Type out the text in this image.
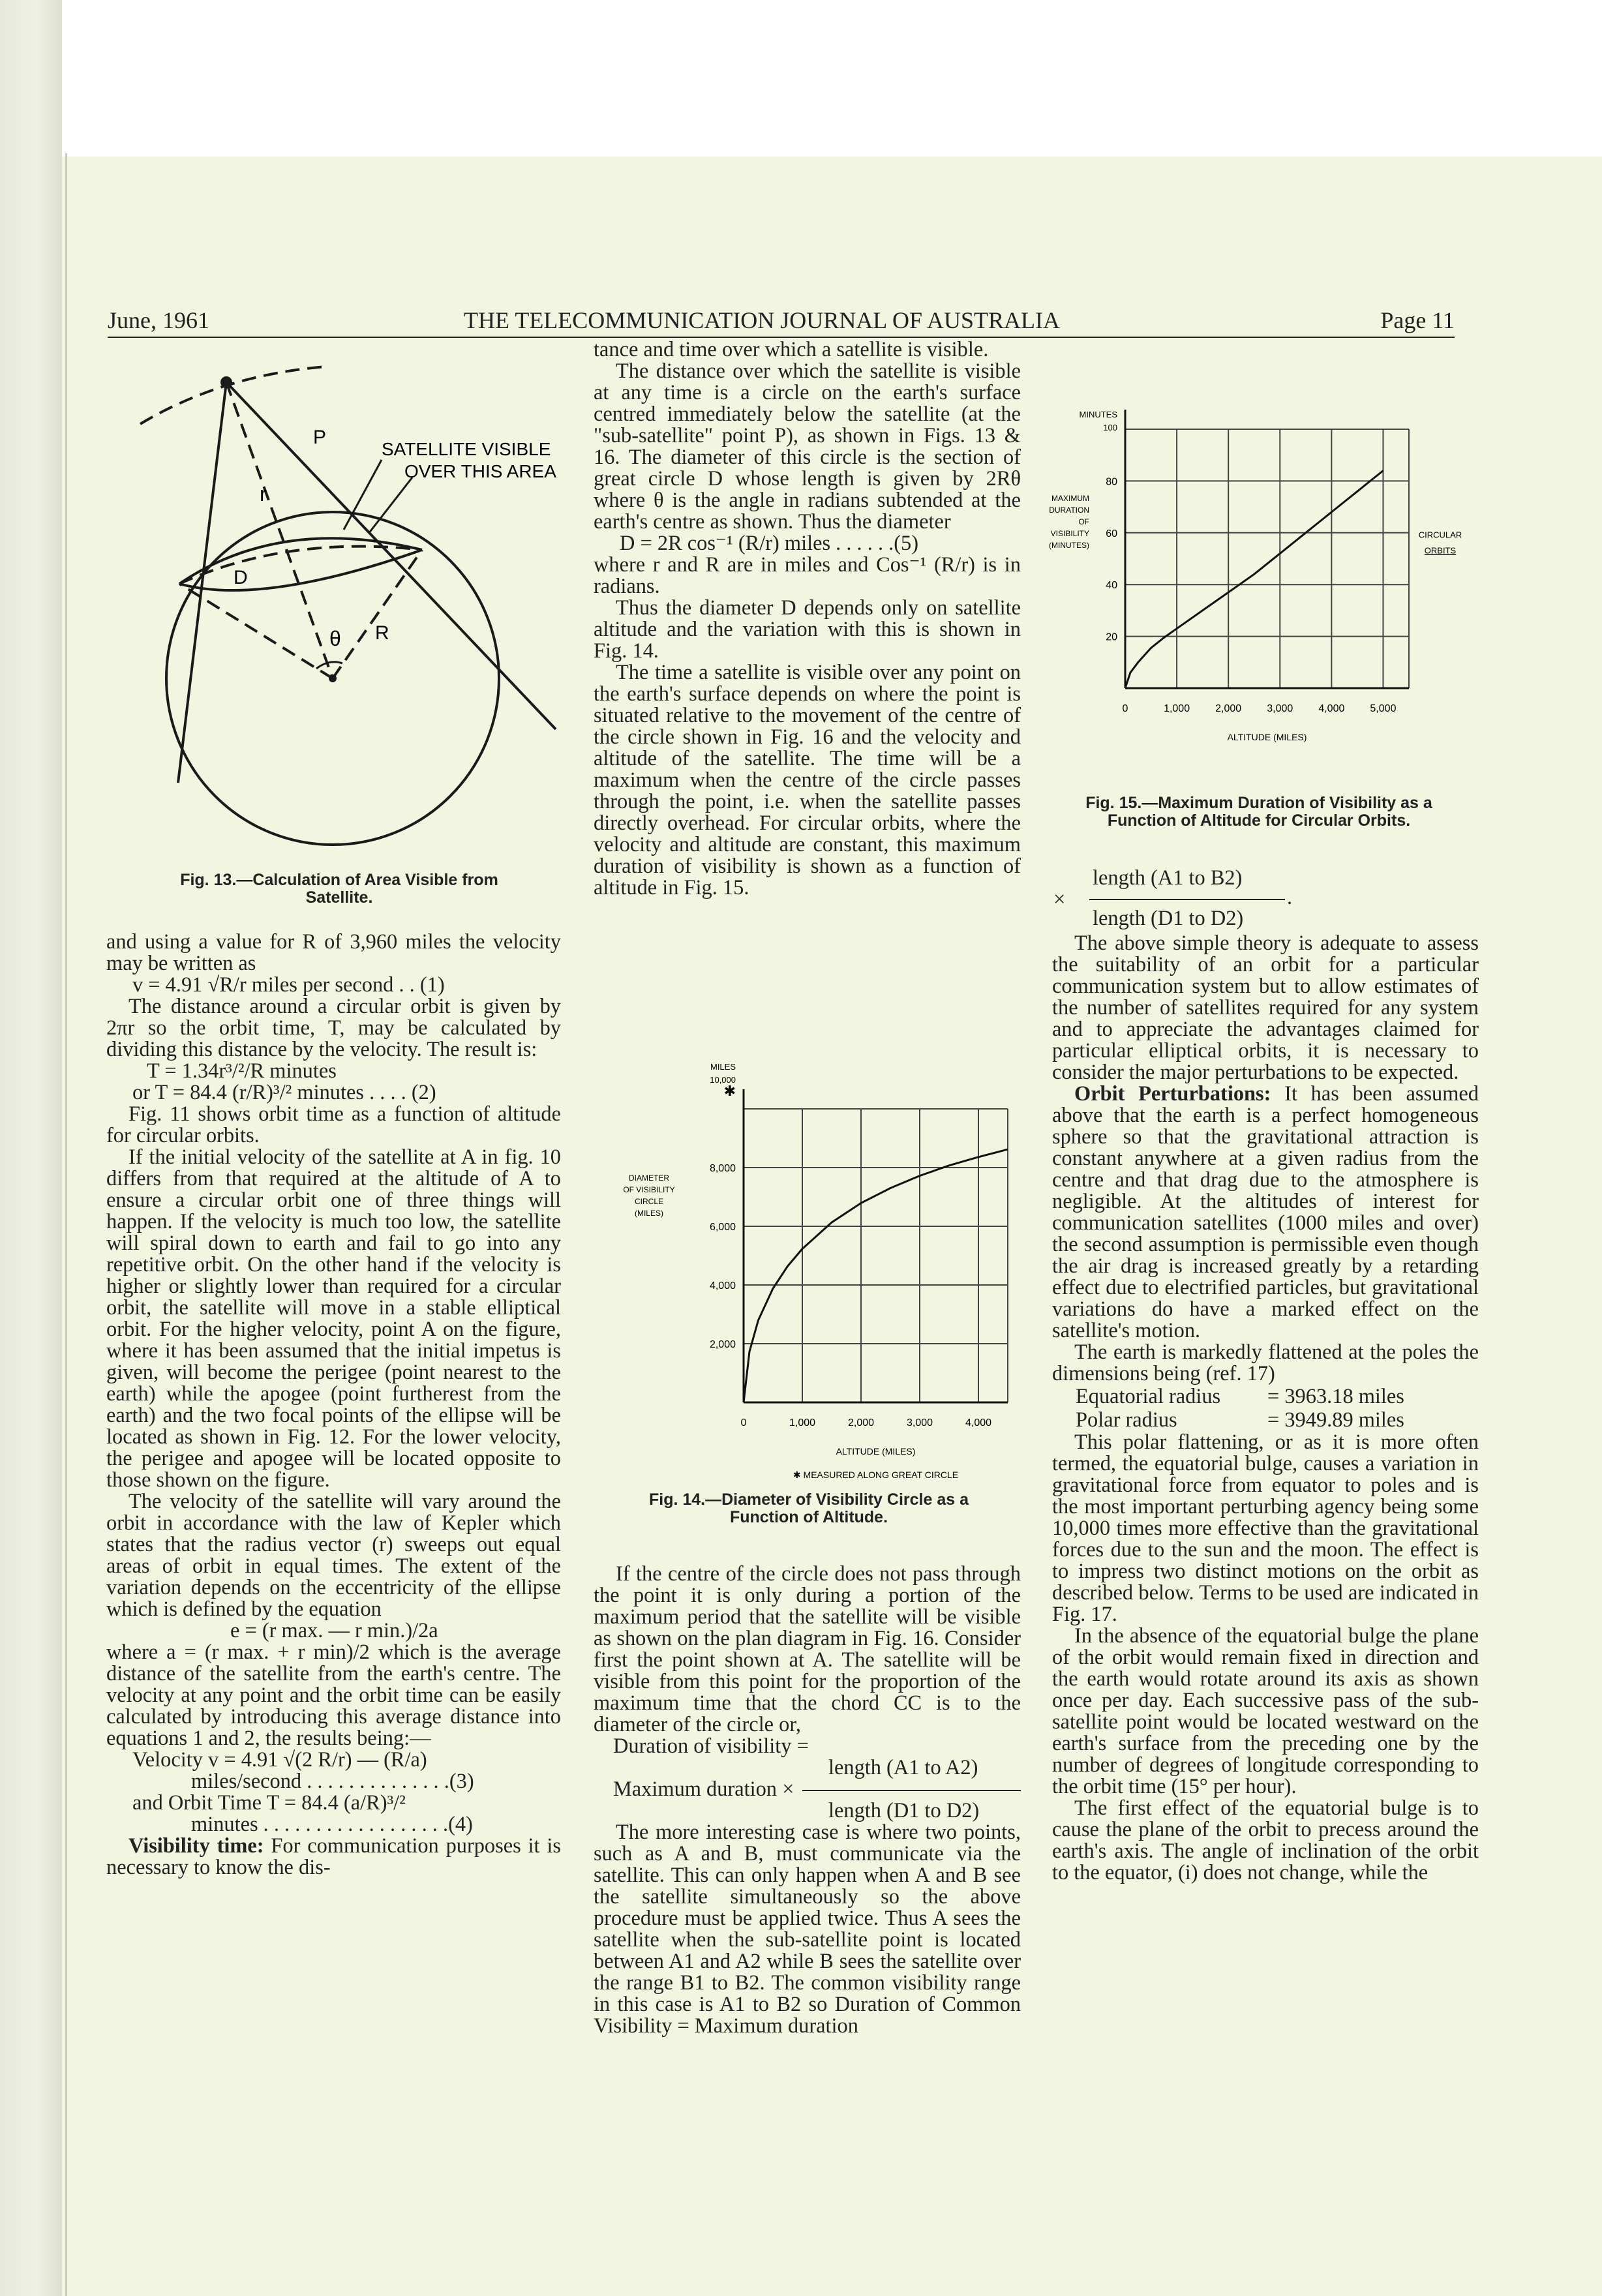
June, 1961	THE TELECOMMUNICATION JOURNAL OF AUSTRALIA	Page 11
P
r
D
θ R
SATELLITE VISIBLE
OVER THIS AREA
Fig. 13.—Calculation of Area Visible from
Satellite.

and using a value for R of 3,960 miles the velocity may be written as

v = 4.91 √R/r miles per second . . (1)

The distance around a circular orbit is given by 2πr so the orbit time, T, may be calculated by dividing this distance by the velocity. The result is:

T = 1.34r³/²/R minutes
or T = 84.4 (r/R)³/² minutes . . . . (2)

Fig. 11 shows orbit time as a function of altitude for circular orbits.

If the initial velocity of the satellite at A in fig. 10 differs from that required at the altitude of A to ensure a circular orbit one of three things will happen. If the velocity is much too low, the satellite will spiral down to earth and fail to go into any repetitive orbit. On the other hand if the velocity is higher or slightly lower than required for a circular orbit, the satellite will move in a stable elliptical orbit. For the higher velocity, point A on the figure, where it has been assumed that the initial impetus is given, will become the perigee (point nearest to the earth) while the apogee (point furtherest from the earth) and the two focal points of the ellipse will be located as shown in Fig. 12. For the lower velocity, the perigee and apogee will be located opposite to those shown on the figure.

The velocity of the satellite will vary around the orbit in accordance with the law of Kepler which states that the radius vector (r) sweeps out equal areas of orbit in equal times. The extent of the variation depends on the eccentricity of the ellipse which is defined by the equation

e = (r max. — r min.)/2a

where a = (r max. + r min)/2 which is the average distance of the satellite from the earth's centre. The velocity at any point and the orbit time can be easily calculated by introducing this average distance into equations 1 and 2, the results being:—

Velocity v = 4.91 √(2 R/r) — (R/a)
miles/second . . . . . . . . . . . . . .(3)
and Orbit Time T = 84.4 (a/R)³/²
minutes . . . . . . . . . . . . . . . . . .(4)

Visibility time: For communication purposes it is necessary to know the dis-

tance and time over which a satellite is visible.

The distance over which the satellite is visible at any time is a circle on the earth's surface centred immediately below the satellite (at the "sub-satellite" point P), as shown in Figs. 13 & 16. The diameter of this circle is the section of great circle D whose length is given by 2Rθ where θ is the angle in radians subtended at the earth's centre as shown. Thus the diameter

D = 2R cos⁻¹ (R/r) miles . . . . . .(5)

where r and R are in miles and Cos⁻¹ (R/r) is in radians.

Thus the diameter D depends only on satellite altitude and the variation with this is shown in Fig. 14.

The time a satellite is visible over any point on the earth's surface depends on where the point is situated relative to the movement of the centre of the circle shown in Fig. 16 and the velocity and altitude of the satellite. The time will be a maximum when the centre of the circle passes through the point, i.e. when the satellite passes directly overhead. For circular orbits, where the velocity and altitude are constant, this maximum duration of visibility is shown as a function of altitude in Fig. 15.

0	1,000	2,000	3,000	4,000
2,000
4,000
6,000
8,000
MILES
10,000
✱
DIAMETER
OF VISIBILITY
CIRCLE
(MILES)
ALTITUDE (MILES)
✱ MEASURED ALONG GREAT CIRCLE
Fig. 14.—Diameter of Visibility Circle as a
Function of Altitude.

If the centre of the circle does not pass through the point it is only during a portion of the maximum period that the satellite will be visible as shown on the plan diagram in Fig. 16. Consider first the point shown at A. The satellite will be visible from this point for the proportion of the maximum time that the chord CC is to the diameter of the circle or,

Duration of visibility =
length (A1 to A2)
Maximum duration ×
length (D1 to D2)

The more interesting case is where two points, such as A and B, must communicate via the satellite. This can only happen when A and B see the satellite simultaneously so the above procedure must be applied twice. Thus A sees the satellite when the sub-satellite point is located between A1 and A2 while B sees the satellite over the range B1 to B2. The common visibility range in this case is A1 to B2 so Duration of Common Visibility = Maximum duration

0	1,000 2,000 3,000 4,000 5,000
20
40
60
80
MINUTES
100
MAXIMUM
DURATION
OF
VISIBILITY
(MINUTES)
ALTITUDE (MILES)
CIRCULAR
ORBITS
Fig. 15.—Maximum Duration of Visibility as a
Function of Altitude for Circular Orbits.
length (A1 to B2)
×	.
length (D1 to D2)

The above simple theory is adequate to assess the suitability of an orbit for a particular communication system but to allow estimates of the number of satellites required for any system and to appreciate the advantages claimed for particular elliptical orbits, it is necessary to consider the major perturbations to be expected.

Orbit Perturbations: It has been assumed above that the earth is a perfect homogeneous sphere so that the gravitational attraction is constant anywhere at a given radius from the centre and that drag due to the atmosphere is negligible. At the altitudes of interest for communication satellites (1000 miles and over) the second assumption is permissible even though the air drag is increased greatly by a retarding effect due to electrified particles, but gravitational variations do have a marked effect on the satellite's motion.

The earth is markedly flattened at the poles the dimensions being (ref. 17)

Equatorial radius = 3963.18 miles
Polar radius	= 3949.89 miles

This polar flattening, or as it is more often termed, the equatorial bulge, causes a variation in gravitational force from equator to poles and is the most important perturbing agency being some 10,000 times more effective than the gravitational forces due to the sun and the moon. The effect is to impress two distinct motions on the orbit as described below. Terms to be used are indicated in Fig. 17.

In the absence of the equatorial bulge the plane of the orbit would remain fixed in direction and the earth would rotate around its axis as shown once per day. Each successive pass of the sub-satellite point would be located westward on the earth's surface from the preceding one by the number of degrees of longitude corresponding to the orbit time (15° per hour).

The first effect of the equatorial bulge is to cause the plane of the orbit to precess around the earth's axis. The angle of inclination of the orbit to the equator, (i) does not change, while the
